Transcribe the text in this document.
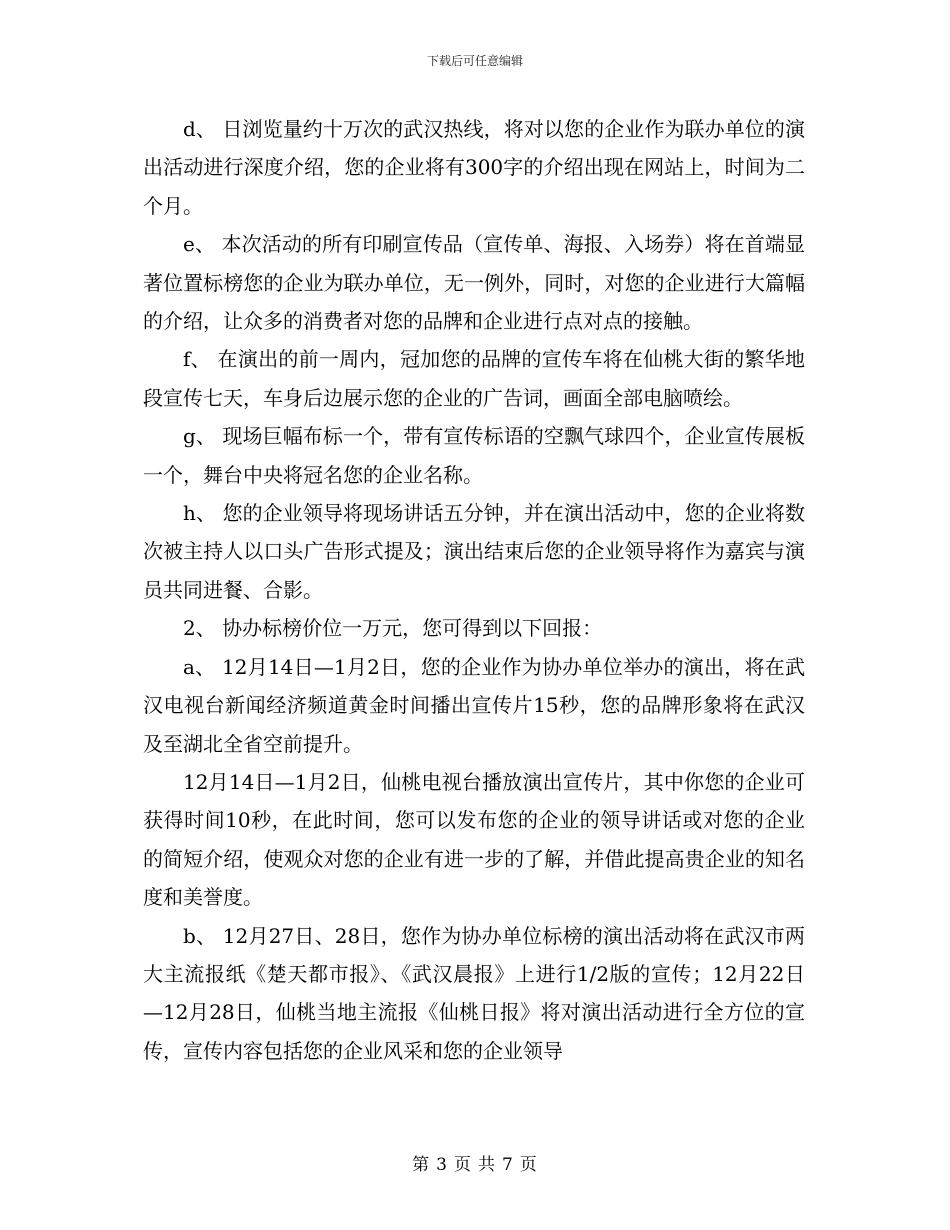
下载后可任意编辑

d、 日浏览量约十万次的武汉热线，将对以您的企业作为联办单位的演出活动进行深度介绍，您的企业将有300字的介绍出现在网站上，时间为二个月。

e、 本次活动的所有印刷宣传品（宣传单、海报、入场券）将在首端显著位置标榜您的企业为联办单位，无一例外，同时，对您的企业进行大篇幅的介绍，让众多的消费者对您的品牌和企业进行点对点的接触。

f、 在演出的前一周内，冠加您的品牌的宣传车将在仙桃大街的繁华地段宣传七天，车身后边展示您的企业的广告词，画面全部电脑喷绘。

g、 现场巨幅布标一个，带有宣传标语的空飘气球四个，企业宣传展板一个，舞台中央将冠名您的企业名称。

h、 您的企业领导将现场讲话五分钟，并在演出活动中，您的企业将数次被主持人以口头广告形式提及；演出结束后您的企业领导将作为嘉宾与演员共同进餐、合影。

2、 协办标榜价位一万元，您可得到以下回报：

a、 12月14日—1月2日，您的企业作为协办单位举办的演出，将在武汉电视台新闻经济频道黄金时间播出宣传片15秒，您的品牌形象将在武汉及至湖北全省空前提升。

12月14日—1月2日，仙桃电视台播放演出宣传片，其中你您的企业可获得时间10秒，在此时间，您可以发布您的企业的领导讲话或对您的企业的简短介绍，使观众对您的企业有进一步的了解，并借此提高贵企业的知名度和美誉度。

b、 12月27日、28日，您作为协办单位标榜的演出活动将在武汉市两大主流报纸《楚天都市报》、《武汉晨报》上进行1/2版的宣传；12月22日—12月28日，仙桃当地主流报《仙桃日报》将对演出活动进行全方位的宣传，宣传内容包括您的企业风采和您的企业领导

第 3 页 共 7 页
